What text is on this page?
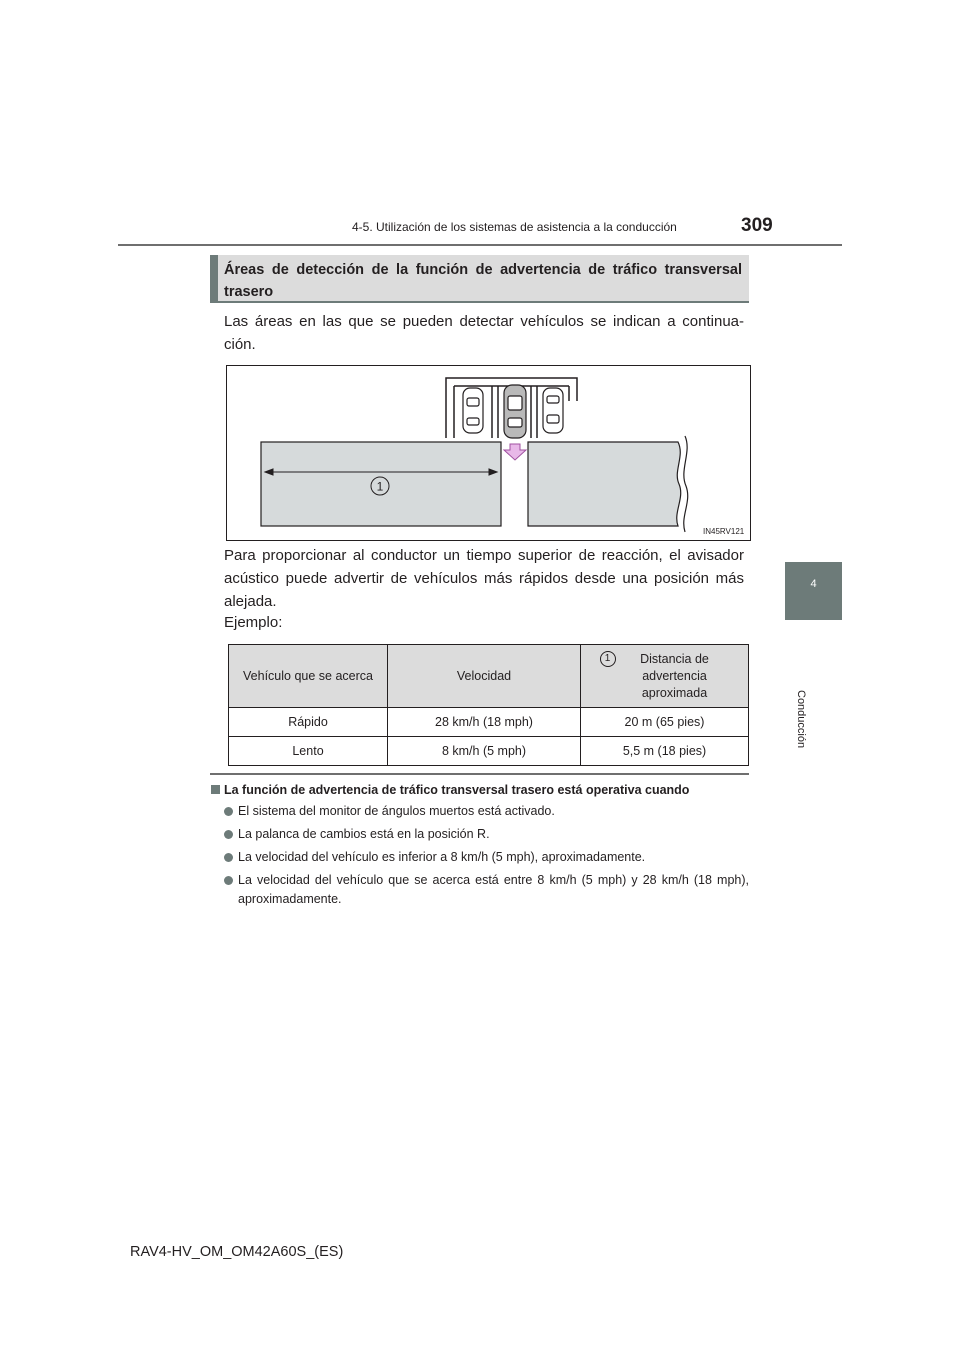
4-5. Utilización de los sistemas de asistencia a la conducción	309
4
Conducción
Áreas de detección de la función de advertencia de tráfico transversal trasero
Las áreas en las que se pueden detectar vehículos se indican a continua-ción.
1
IN45RV121
Para proporcionar al conductor un tiempo superior de reacción, el avisador acústico puede advertir de vehículos más rápidos desde una posición más alejada.
Ejemplo:
Vehículo que se acerca	Velocidad	1 Distancia de advertencia aproximada
Rápido	28 km/h (18 mph)	20 m (65 pies)
Lento	8 km/h (5 mph)	5,5 m (18 pies)
La función de advertencia de tráfico transversal trasero está operativa cuando
El sistema del monitor de ángulos muertos está activado.
La palanca de cambios está en la posición R.
La velocidad del vehículo es inferior a 8 km/h (5 mph), aproximadamente.
La velocidad del vehículo que se acerca está entre 8 km/h (5 mph) y 28 km/h (18 mph), aproximadamente.
RAV4-HV_OM_OM42A60S_(ES)
